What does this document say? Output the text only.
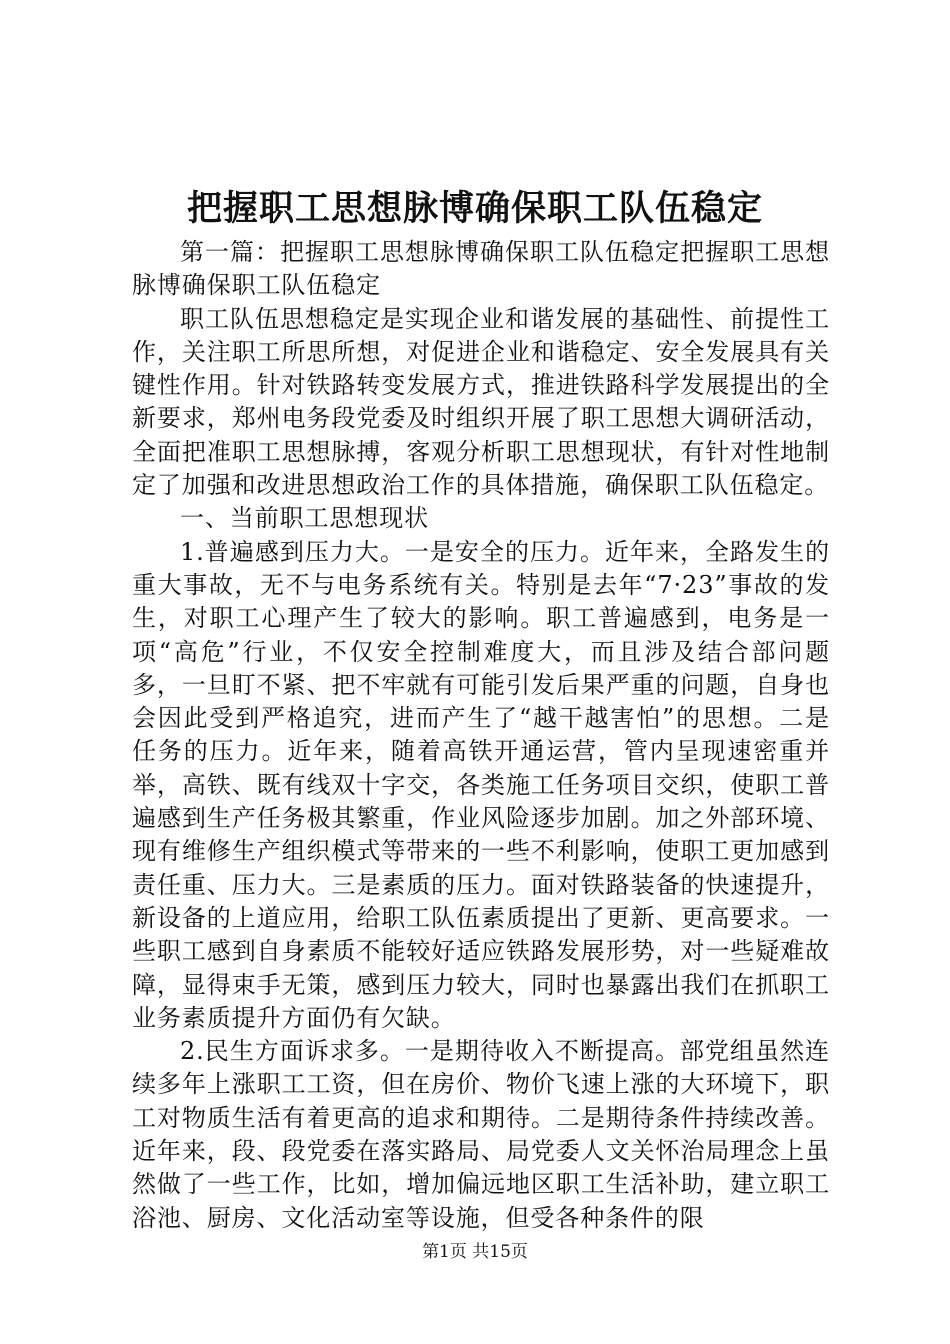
把握职工思想脉博确保职工队伍稳定

第一篇：把握职工思想脉博确保职工队伍稳定把握职工思想脉博确保职工队伍稳定

职工队伍思想稳定是实现企业和谐发展的基础性、前提性工作，关注职工所思所想，对促进企业和谐稳定、安全发展具有关键性作用。针对铁路转变发展方式，推进铁路科学发展提出的全新要求，郑州电务段党委及时组织开展了职工思想大调研活动，全面把准职工思想脉搏，客观分析职工思想现状，有针对性地制定了加强和改进思想政治工作的具体措施，确保职工队伍稳定。

一、当前职工思想现状

1.普遍感到压力大。一是安全的压力。近年来，全路发生的重大事故，无不与电务系统有关。特别是去年“7·23”事故的发生，对职工心理产生了较大的影响。职工普遍感到，电务是一项“高危”行业，不仅安全控制难度大，而且涉及结合部问题多，一旦盯不紧、把不牢就有可能引发后果严重的问题，自身也会因此受到严格追究，进而产生了“越干越害怕”的思想。二是任务的压力。近年来，随着高铁开通运营，管内呈现速密重并举，高铁、既有线双十字交，各类施工任务项目交织，使职工普遍感到生产任务极其繁重，作业风险逐步加剧。加之外部环境、现有维修生产组织模式等带来的一些不利影响，使职工更加感到责任重、压力大。三是素质的压力。面对铁路装备的快速提升，新设备的上道应用，给职工队伍素质提出了更新、更高要求。一些职工感到自身素质不能较好适应铁路发展形势，对一些疑难故障，显得束手无策，感到压力较大，同时也暴露出我们在抓职工业务素质提升方面仍有欠缺。

2.民生方面诉求多。一是期待收入不断提高。部党组虽然连续多年上涨职工工资，但在房价、物价飞速上涨的大环境下，职工对物质生活有着更高的追求和期待。二是期待条件持续改善。近年来，段、段党委在落实路局、局党委人文关怀治局理念上虽然做了一些工作，比如，增加偏远地区职工生活补助，建立职工浴池、厨房、文化活动室等设施，但受各种条件的限

第1页 共15页
